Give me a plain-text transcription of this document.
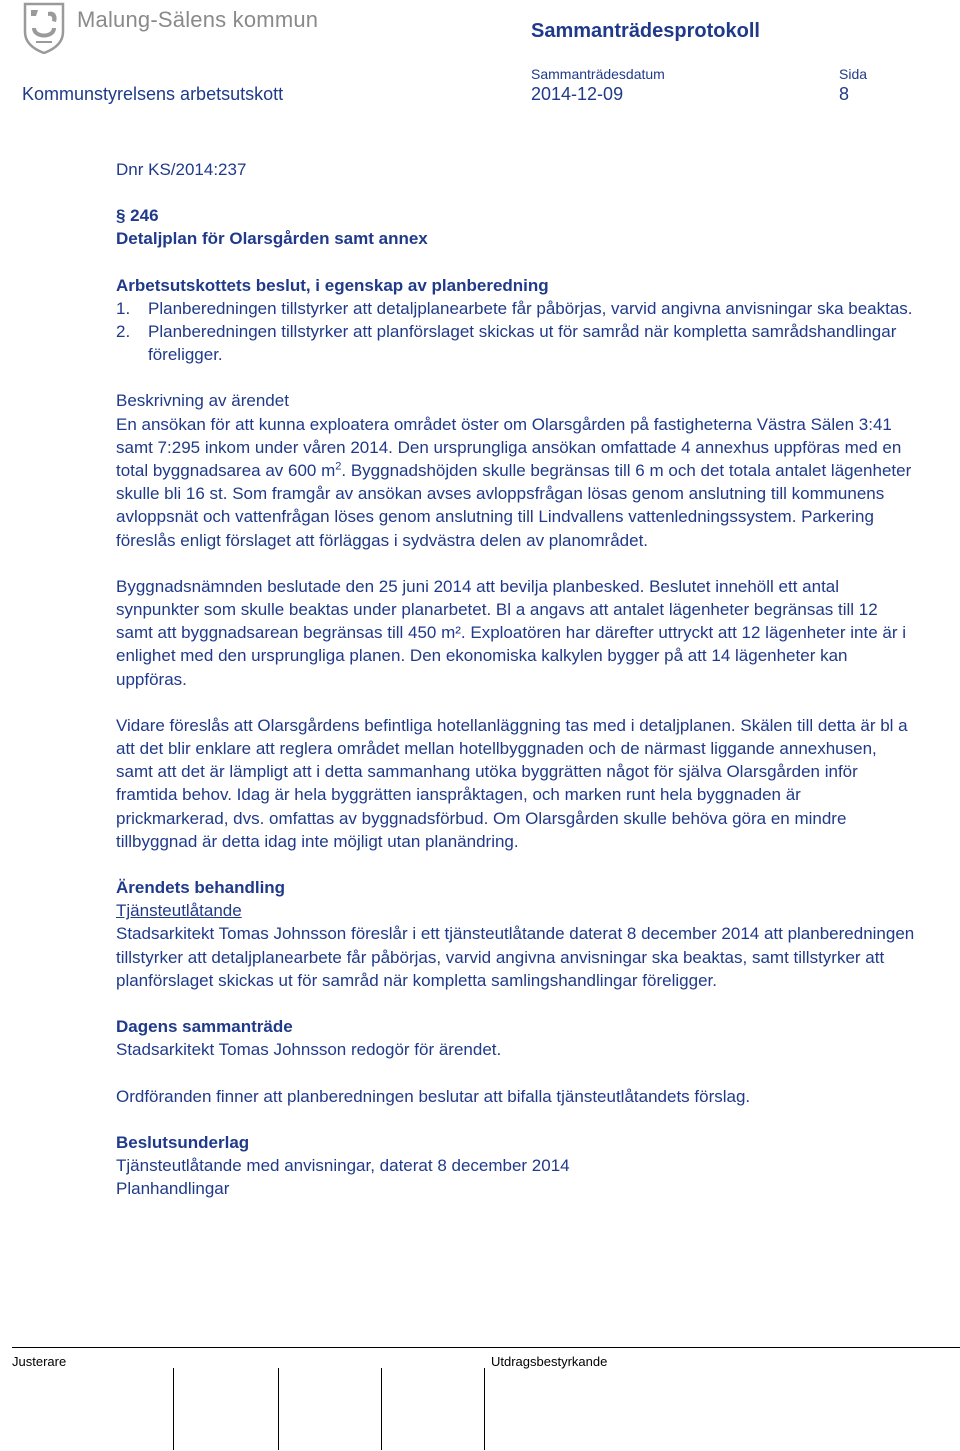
Malung-Sälens kommun	Sammanträdesprotokoll
Sammanträdesdatum	Sida
Kommunstyrelsens arbetsutskott	2014-12-09	8

Dnr KS/2014:237

§ 246

Detaljplan för Olarsgården samt annex

Arbetsutskottets beslut, i egenskap av planberedning

1. Planberedningen tillstyrker att detaljplanearbete får påbörjas, varvid angivna anvisningar ska beaktas.
2. Planberedningen tillstyrker att planförslaget skickas ut för samråd när kompletta samrådshandlingar föreligger.

Beskrivning av ärendet

En ansökan för att kunna exploatera området öster om Olarsgården på fastigheterna Västra Sälen 3:41 samt 7:295 inkom under våren 2014. Den ursprungliga ansökan omfattade 4 annexhus uppföras med en total byggnadsarea av 600 $m^2$. Byggnadshöjden skulle begränsas till 6 m och det totala antalet lägenheter skulle bli 16 st. Som framgår av ansökan avses avloppsfrågan lösas genom anslutning till kommunens avloppsnät och vattenfrågan löses genom anslutning till Lindvallens vattenledningssystem. Parkering föreslås enligt förslaget att förläggas i sydvästra delen av planområdet.

Byggnadsnämnden beslutade den 25 juni 2014 att bevilja planbesked. Beslutet innehöll ett antal synpunkter som skulle beaktas under planarbetet. Bl a angavs att antalet lägenheter begränsas till 12 samt att byggnadsarean begränsas till 450 m². Exploatören har därefter uttryckt att 12 lägenheter inte är i enlighet med den ursprungliga planen. Den ekonomiska kalkylen bygger på att 14 lägenheter kan uppföras.

Vidare föreslås att Olarsgårdens befintliga hotellanläggning tas med i detaljplanen. Skälen till detta är bl a att det blir enklare att reglera området mellan hotellbyggnaden och de närmast liggande annexhusen, samt att det är lämpligt att i detta sammanhang utöka byggrätten något för själva Olarsgården inför framtida behov. Idag är hela byggrätten ianspråktagen, och marken runt hela byggnaden är prickmarkerad, dvs. omfattas av byggnadsförbud. Om Olarsgården skulle behöva göra en mindre tillbyggnad är detta idag inte möjligt utan planändring.

Ärendets behandling

Tjänsteutlåtande

Stadsarkitekt Tomas Johnsson föreslår i ett tjänsteutlåtande daterat 8 december 2014 att planberedningen tillstyrker att detaljplanearbete får påbörjas, varvid angivna anvisningar ska beaktas, samt tillstyrker att planförslaget skickas ut för samråd när kompletta samlingshandlingar föreligger.

Dagens sammanträde

Stadsarkitekt Tomas Johnsson redogör för ärendet.

Ordföranden finner att planberedningen beslutar att bifalla tjänsteutlåtandets förslag.

Beslutsunderlag

Tjänsteutlåtande med anvisningar, daterat 8 december 2014

Planhandlingar

Justerare	Utdragsbestyrkande
